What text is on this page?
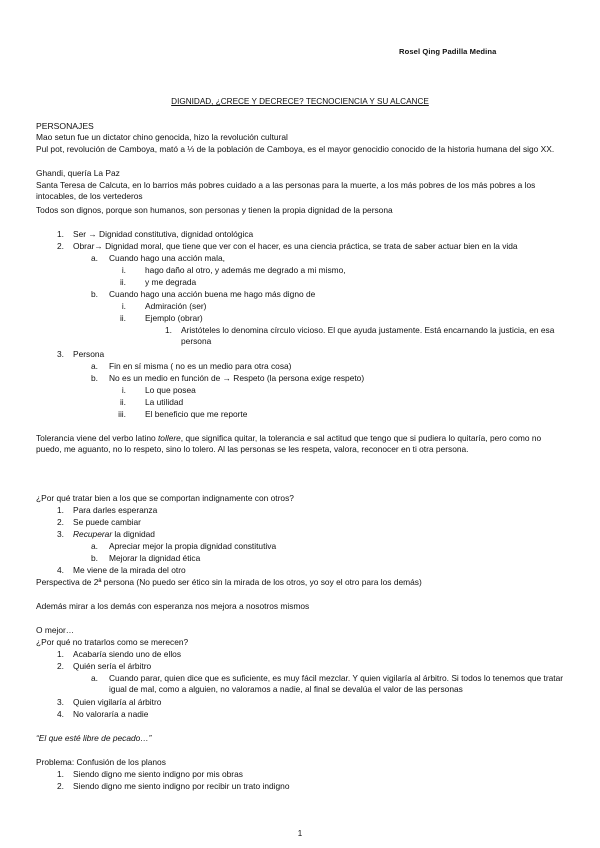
Rosel Qing Padilla Medina
DIGNIDAD, ¿CRECE Y DECRECE? TECNOCIENCIA Y SU ALCANCE
PERSONAJES
Mao setun fue un dictator chino genocida, hizo la revolución cultural
Pul pot, revolución de Camboya, mató a ⅓ de la población de Camboya, es el mayor genocidio conocido de la historia humana del sigo XX.
Ghandi, quería La Paz
Santa Teresa de Calcuta, en lo barrios más pobres cuidado a a las personas para la muerte, a los más pobres de los más pobres a los intocables, de los vertederos
Todos son dignos, porque son humanos, son personas y tienen la propia dignidad de la persona
1. Ser → Dignidad constitutiva, dignidad ontológica
2. Obrar→ Dignidad moral, que tiene que ver con el hacer, es una ciencia práctica, se trata de saber actuar bien en la vida
a. Cuando hago una acción mala,
i. hago daño al otro, y además me degrado a mi mismo,
ii. y me degrada
b. Cuando hago una acción buena me hago más digno de
i. Admiración (ser)
ii. Ejemplo (obrar)
1. Aristóteles lo denomina círculo vicioso. El que ayuda justamente. Está encarnando la justicia, en esa persona
3. Persona
a. Fin en sí misma ( no es un medio para otra cosa)
b. No es un medio en función de → Respeto (la persona exige respeto)
i. Lo que posea
ii. La utilidad
iii. El beneficio que me reporte
Tolerancia viene del verbo latino tollere, que significa quitar, la tolerancia e sal actitud que tengo que si pudiera lo quitaría, pero como no puedo, me aguanto, no lo respeto, sino lo tolero. Al las personas se les respeta, valora, reconocer en ti otra persona.
¿Por qué tratar bien a los que se comportan indignamente con otros?
1. Para darles esperanza
2. Se puede cambiar
3. Recuperar la dignidad
a. Apreciar mejor la propia dignidad constitutiva
b. Mejorar la dignidad ética
4. Me viene de la mirada del otro
Perspectiva de 2ª persona (No puedo ser ético sin la mirada de los otros, yo soy el otro para los demás)
Además mirar a los demás con esperanza nos mejora a nosotros mismos
O mejor…
¿Por qué no tratarlos como se merecen?
1. Acabaría siendo uno de ellos
2. Quién sería el árbitro
a. Cuando parar, quien dice que es suficiente, es muy fácil mezclar. Y quien vigilaría al árbitro. Si todos lo tenemos que tratar igual de mal, como a alguien, no valoramos a nadie, al final se devalúa el valor de las personas
3. Quien vigilaría al árbitro
4. No valoraría a nadie
“El que esté libre de pecado…”
Problema: Confusión de los planos
1. Siendo digno me siento indigno por mis obras
2. Siendo digno me siento indigno por recibir un trato indigno
1
